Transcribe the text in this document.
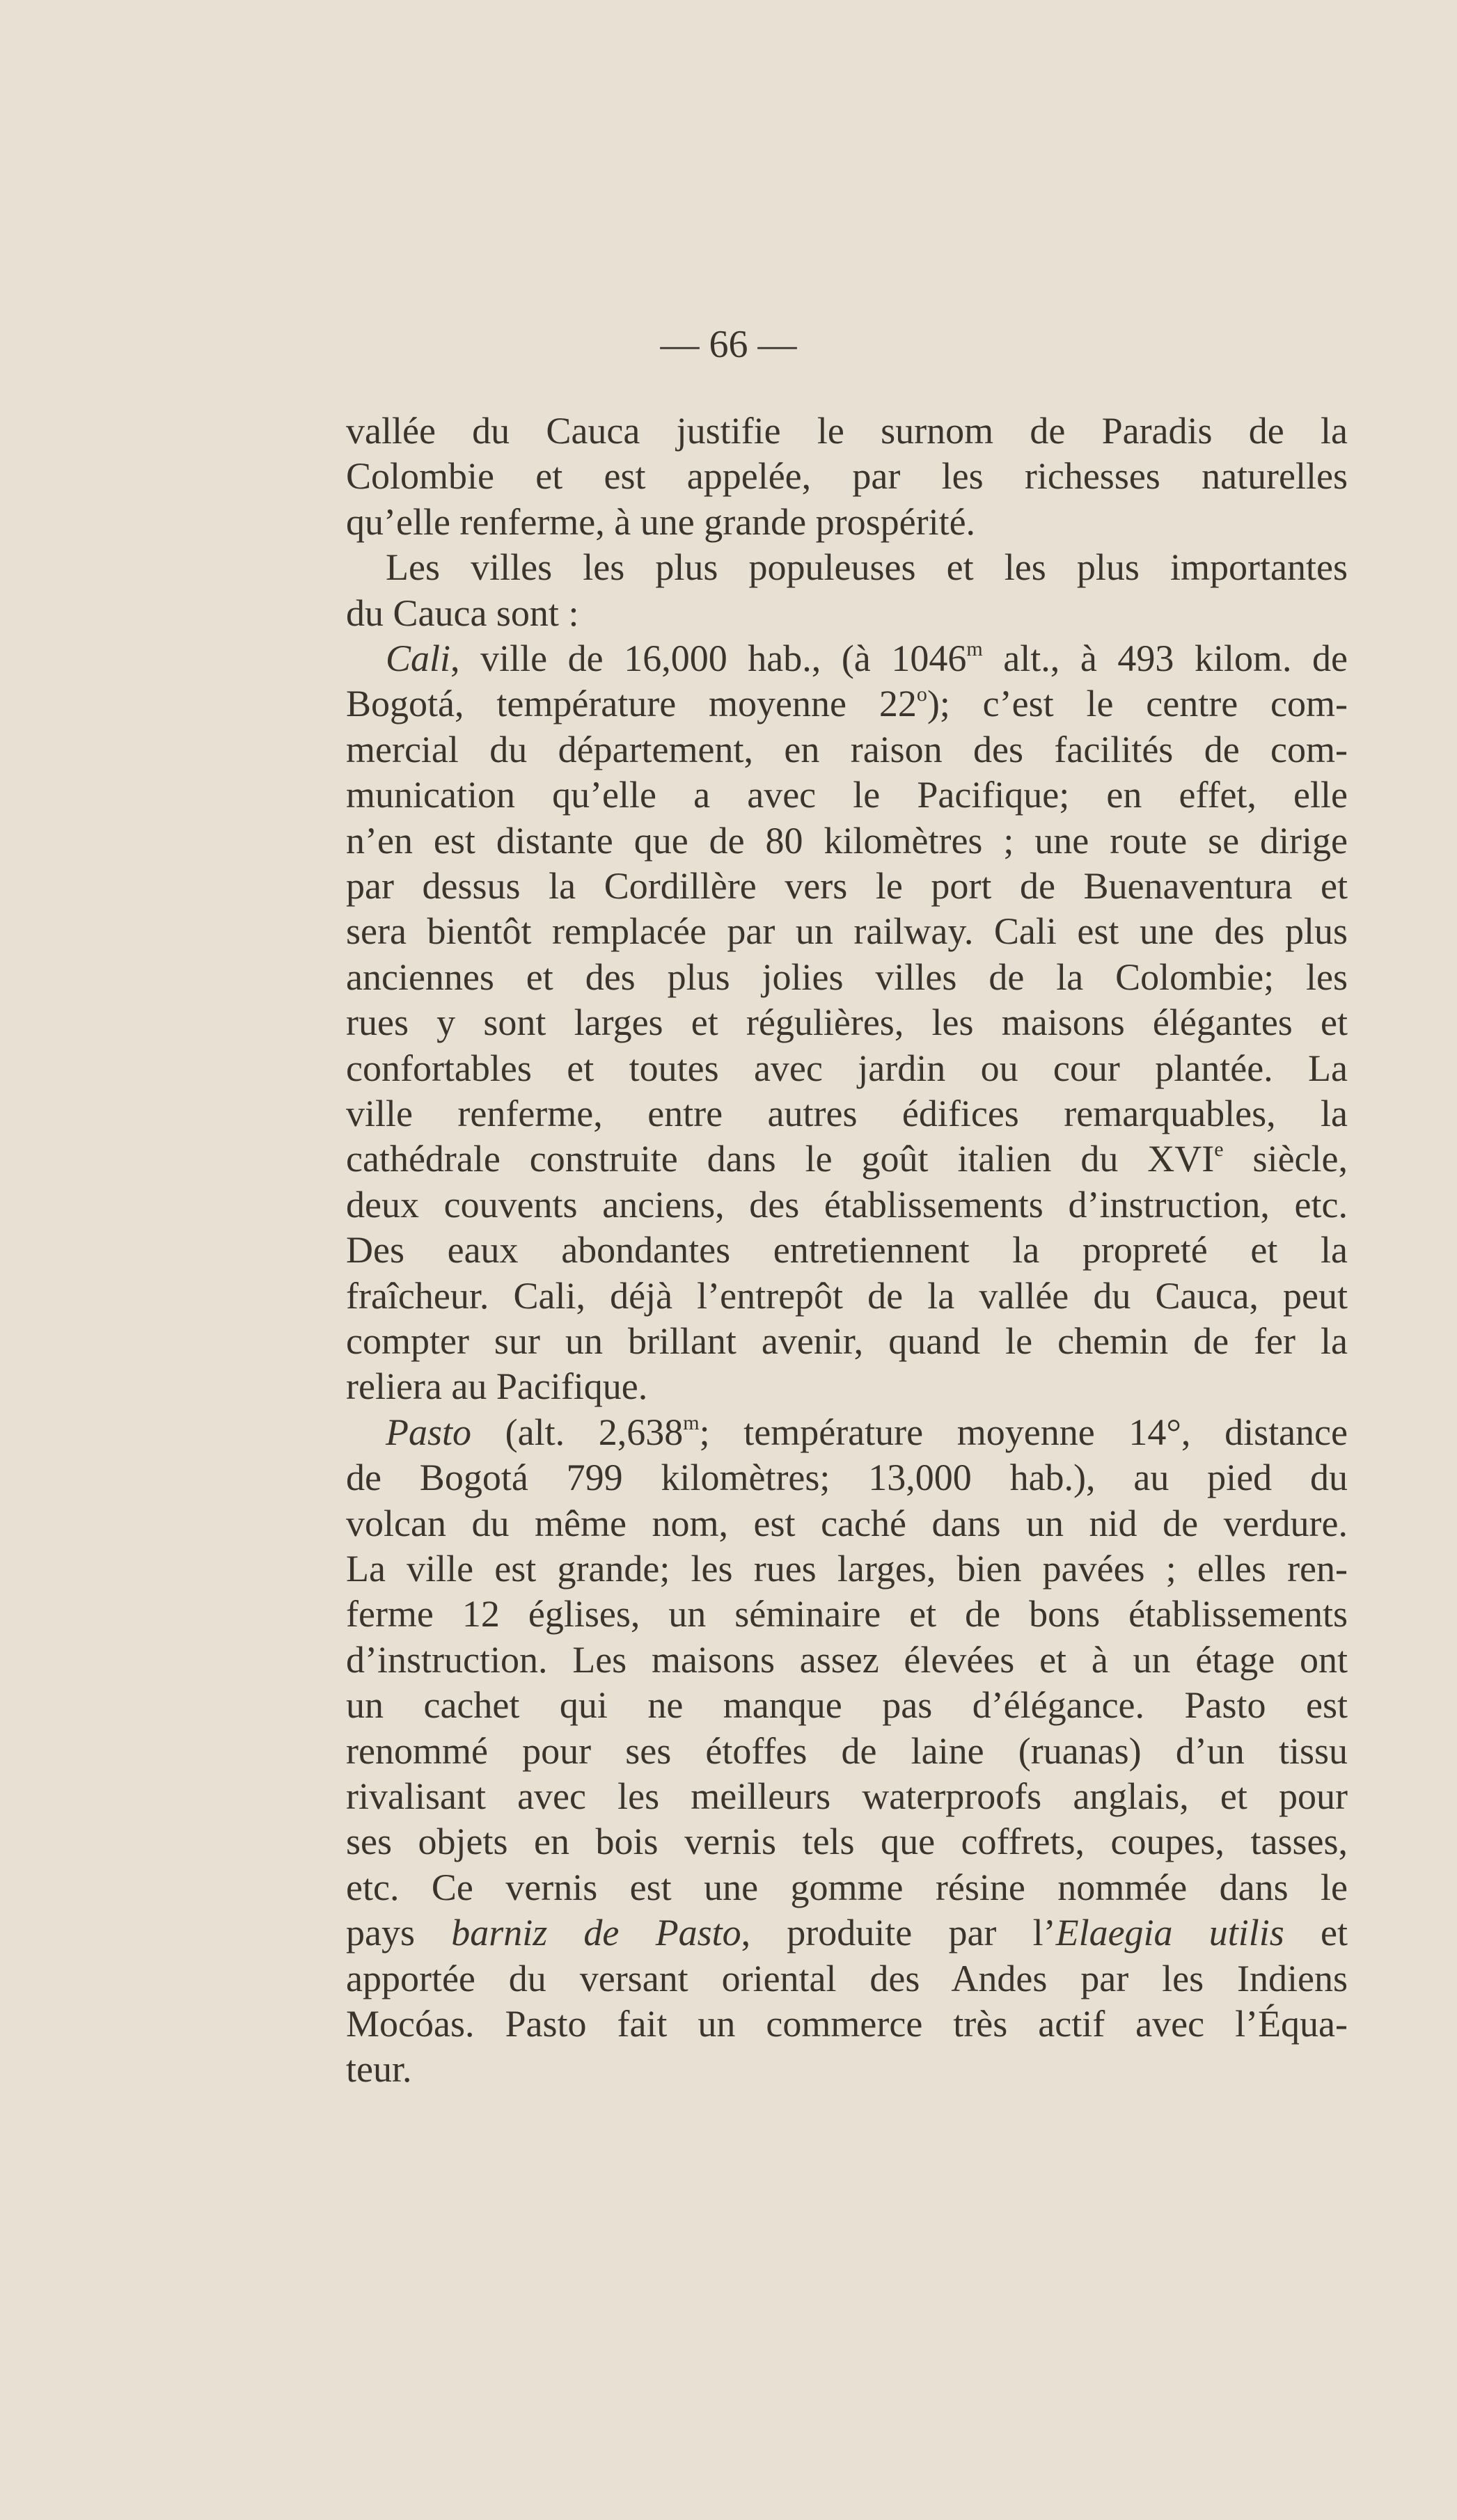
— 66 —
vallée du Cauca justifie le surnom de Paradis de la
Colombie et est appelée, par les richesses naturelles
qu’elle renferme, à une grande prospérité.
Les villes les plus populeuses et les plus importantes
du Cauca sont :
Cali, ville de 16,000 hab., (à 1046$^m$ alt., à 493 kilom. de
Bogotá, température moyenne 22$^o$); c’est le centre com-
mercial du département, en raison des facilités de com-
munication qu’elle a avec le Pacifique; en effet, elle
n’en est distante que de 80 kilomètres ; une route se dirige
par dessus la Cordillère vers le port de Buenaventura et
sera bientôt remplacée par un railway. Cali est une des plus
anciennes et des plus jolies villes de la Colombie; les
rues y sont larges et régulières, les maisons élégantes et
confortables et toutes avec jardin ou cour plantée. La
ville renferme, entre autres édifices remarquables, la
cathédrale construite dans le goût italien du XVIe siècle,
deux couvents anciens, des établissements d’instruction, etc.
Des eaux abondantes entretiennent la propreté et la
fraîcheur. Cali, déjà l’entrepôt de la vallée du Cauca, peut
compter sur un brillant avenir, quand le chemin de fer la
reliera au Pacifique.
Pasto (alt. 2,638$^m$; température moyenne 14°, distance
de Bogotá 799 kilomètres; 13,000 hab.), au pied du
volcan du même nom, est caché dans un nid de verdure.
La ville est grande; les rues larges, bien pavées ; elles ren-
ferme 12 églises, un séminaire et de bons établissements
d’instruction. Les maisons assez élevées et à un étage ont
un cachet qui ne manque pas d’élégance. Pasto est
renommé pour ses étoffes de laine (ruanas) d’un tissu
rivalisant avec les meilleurs waterproofs anglais, et pour
ses objets en bois vernis tels que coffrets, coupes, tasses,
etc. Ce vernis est une gomme résine nommée dans le
pays barniz de Pasto, produite par l’Elaegia utilis et
apportée du versant oriental des Andes par les Indiens
Mocóas. Pasto fait un commerce très actif avec l’Équa-
teur.
